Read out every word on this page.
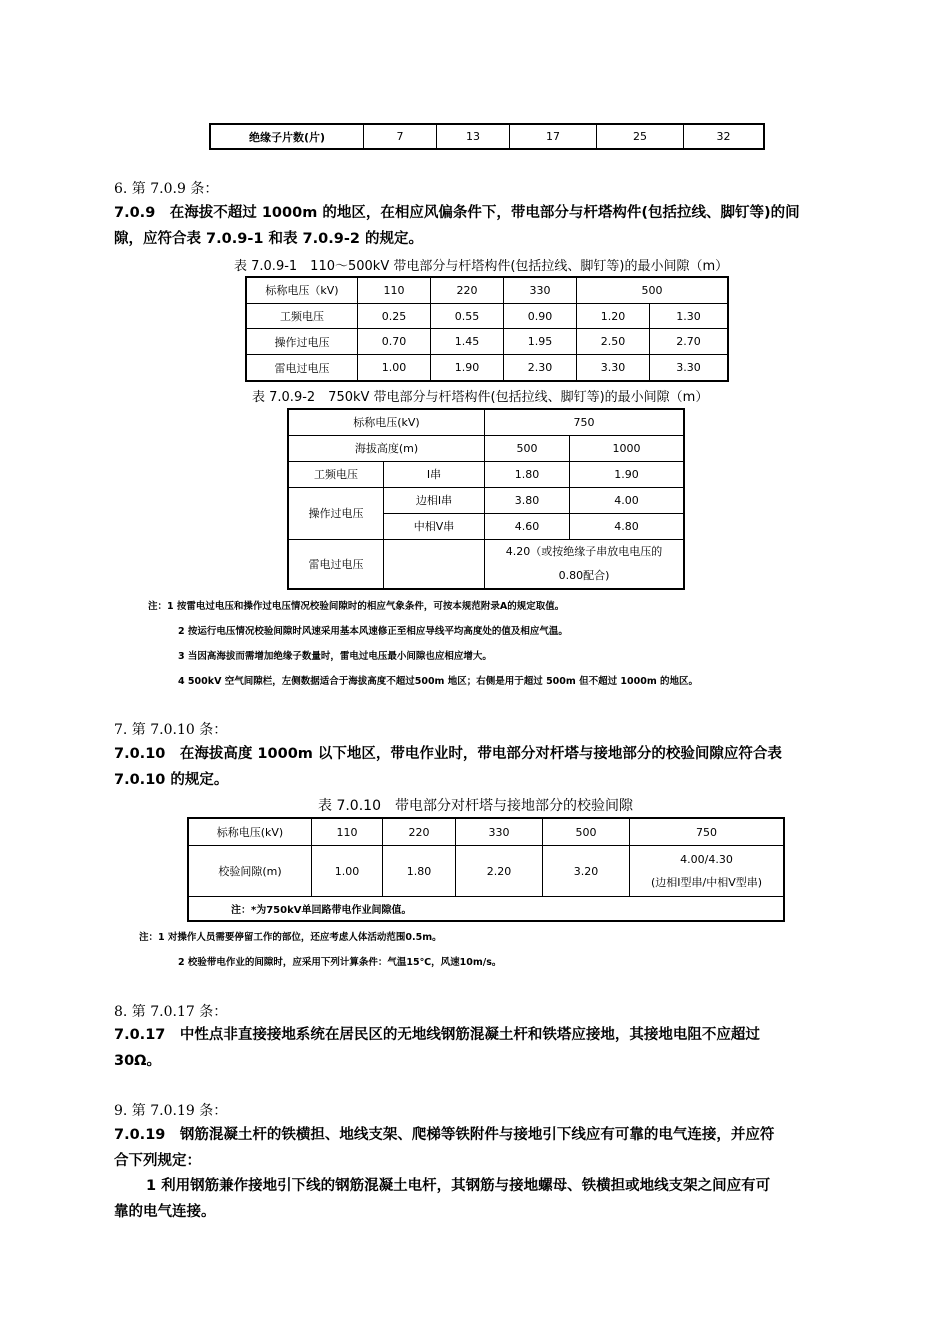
绝缘子片数(片)	7	13	17	25	32
6. 第 7.0.9 条：
7.0.9　在海拔不超过 1000m 的地区，在相应风偏条件下，带电部分与杆塔构件(包括拉线、脚钉等)的间
隙，应符合表 7.0.9-1 和表 7.0.9-2 的规定。
表 7.0.9-1　110～500kV 带电部分与杆塔构件(包括拉线、脚钉等)的最小间隙（m）
标称电压（kV)	110	220	330	500	
工频电压	0.25	0.55	0.90	1.20	1.30
操作过电压	0.70	1.45	1.95	2.50	2.70
雷电过电压	1.00	1.90	2.30	3.30	3.30
表 7.0.9-2　750kV 带电部分与杆塔构件(包括拉线、脚钉等)的最小间隙（m）
标称电压(kV)		750	
海拔高度(m)		500	1000
工频电压	I串	1.80	1.90
操作过电压	边相I串	3.80	4.00
	中相V串	4.60	4.80
雷电过电压		4.20（或按绝缘子串放电电压的
0.80配合)	
注：1 按雷电过电压和操作过电压情况校验间隙时的相应气象条件，可按本规范附录A的规定取值。
2 按运行电压情况校验间隙时风速采用基本风速修正至相应导线平均高度处的值及相应气温。
3 当因高海拔而需增加绝缘子数量时，雷电过电压最小间隙也应相应增大。
4 500kV 空气间隙栏，左侧数据适合于海拔高度不超过500m 地区；右侧是用于超过 500m 但不超过 1000m 的地区。
7. 第 7.0.10 条：
7.0.10　在海拔高度 1000m 以下地区，带电作业时，带电部分对杆塔与接地部分的校验间隙应符合表
7.0.10 的规定。
表 7.0.10　带电部分对杆塔与接地部分的校验间隙
标称电压(kV)	110	220	330	500	750
校验间隙(m)	1.00	1.80	2.20	3.20	4.00/4.30
(边相Ⅰ型串/中相Ⅴ型串)

注：*为750kV单回路带电作业间隙值。					
注：1 对操作人员需要停留工作的部位，还应考虑人体活动范围0.5m。
2 校验带电作业的间隙时，应采用下列计算条件：气温15℃，风速10m/s。
8. 第 7.0.17 条：
7.0.17　中性点非直接接地系统在居民区的无地线钢筋混凝土杆和铁塔应接地，其接地电阻不应超过
30Ω。
9. 第 7.0.19 条：
7.0.19　钢筋混凝土杆的铁横担、地线支架、爬梯等铁附件与接地引下线应有可靠的电气连接，并应符
合下列规定：
1 利用钢筋兼作接地引下线的钢筋混凝土电杆，其钢筋与接地螺母、铁横担或地线支架之间应有可
靠的电气连接。
